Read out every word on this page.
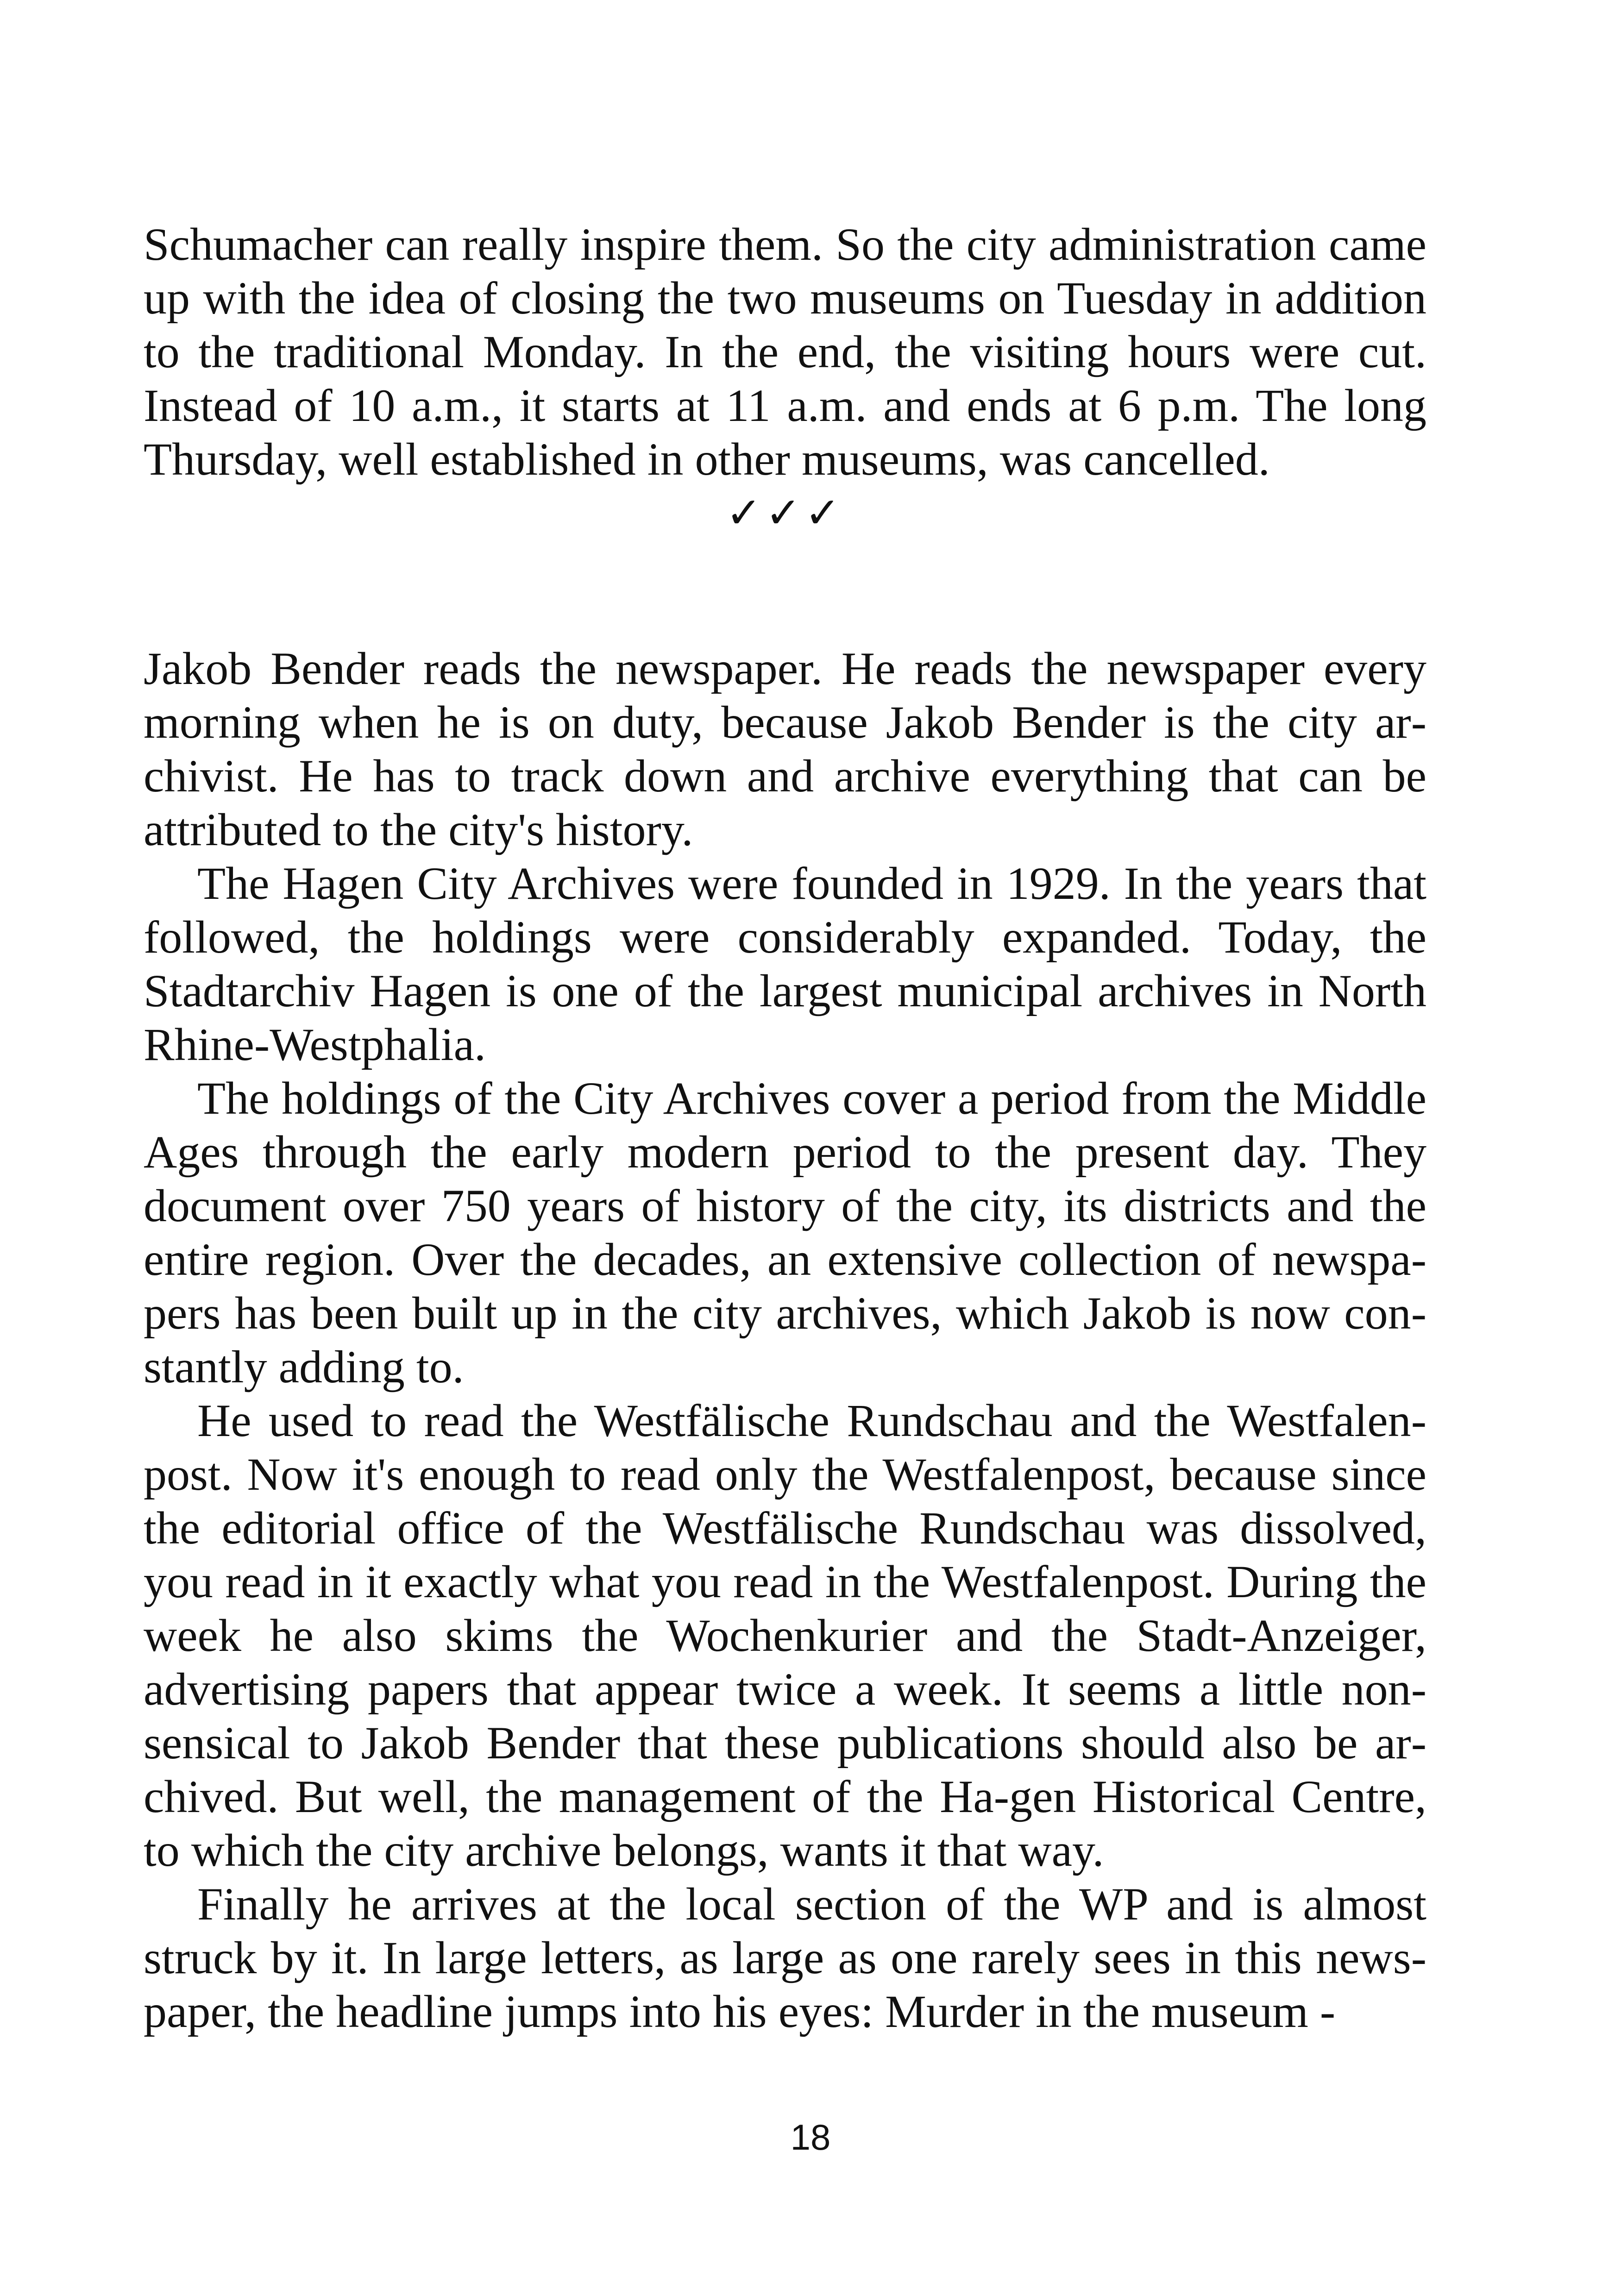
Schumacher can really inspire them. So the city administration came up with the idea of closing the two museums on Tuesday in addition to the traditional Monday. In the end, the visiting hours were cut. Instead of 10 a.m., it starts at 11 a.m. and ends at 6 p.m. The long Thursday, well established in other museums, was cancelled.

✓✓✓

Jakob Bender reads the newspaper. He reads the newspaper every morning when he is on duty, because Jakob Bender is the city archivist. He has to track down and archive everything that can be attributed to the city's history.

The Hagen City Archives were founded in 1929. In the years that followed, the holdings were considerably expanded. Today, the Stadtarchiv Hagen is one of the largest municipal archives in North Rhine-Westphalia.

The holdings of the City Archives cover a period from the Middle Ages through the early modern period to the present day. They document over 750 years of history of the city, its districts and the entire region. Over the decades, an extensive collection of newspapers has been built up in the city archives, which Jakob is now constantly adding to.

He used to read the Westfälische Rundschau and the Westfalenpost. Now it's enough to read only the Westfalenpost, because since the editorial office of the Westfälische Rundschau was dissolved, you read in it exactly what you read in the Westfalenpost. During the week he also skims the Wochenkurier and the Stadt-Anzeiger, advertising papers that appear twice a week. It seems a little nonsensical to Jakob Bender that these publications should also be archived. But well, the management of the Ha-gen Historical Centre, to which the city archive belongs, wants it that way.

Finally he arrives at the local section of the WP and is almost struck by it. In large letters, as large as one rarely sees in this newspaper, the headline jumps into his eyes: Murder in the museum -

18
